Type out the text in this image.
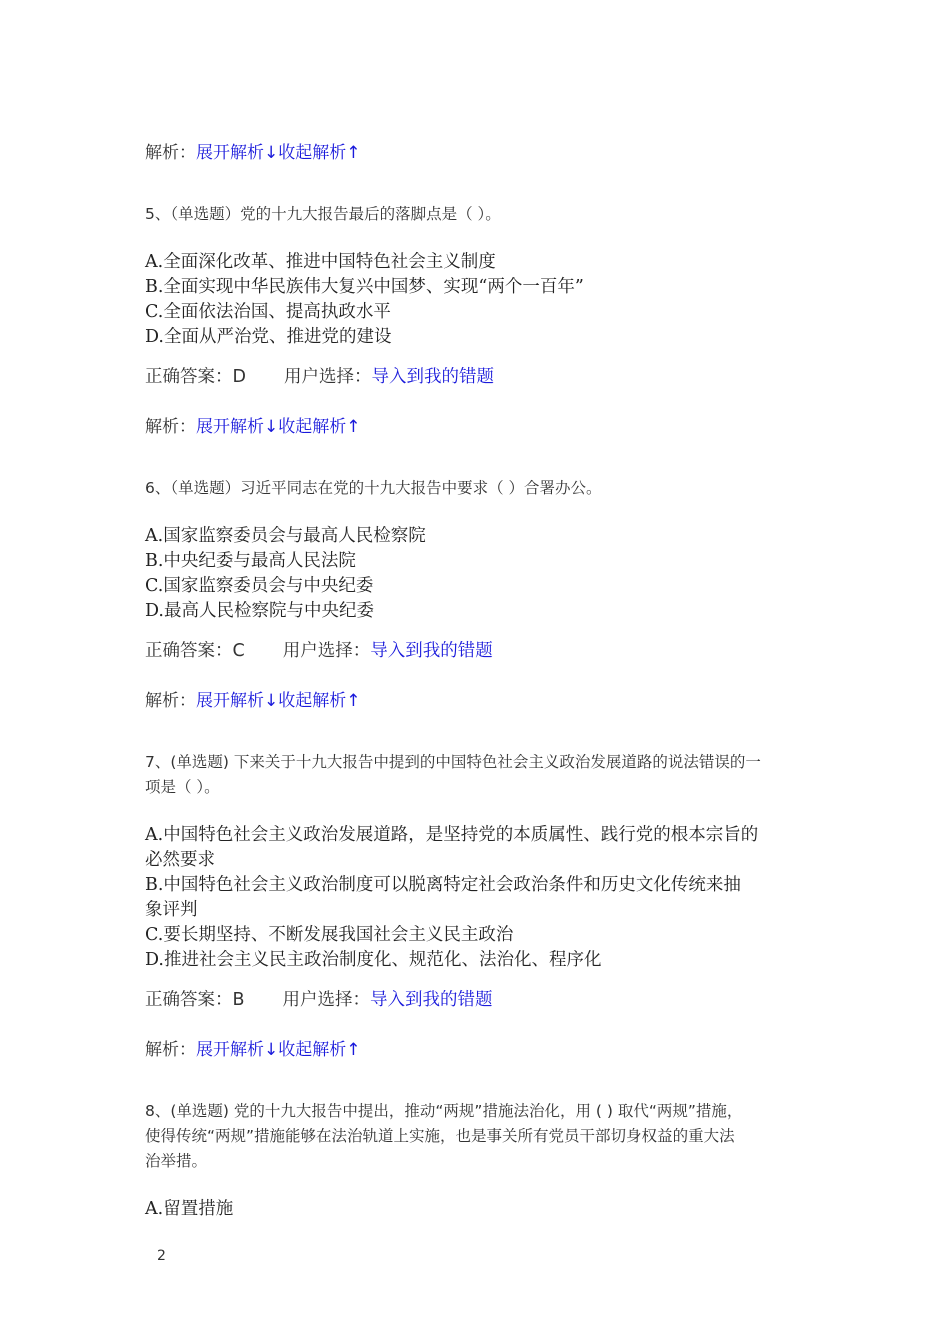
解析：展开解析↓收起解析↑
5、（单选题）党的十九大报告最后的落脚点是（ ）。
A.全面深化改革、推进中国特色社会主义制度
B.全面实现中华民族伟大复兴中国梦、实现“两个一百年”
C.全面依法治国、提高执政水平
D.全面从严治党、推进党的建设
正确答案：D 用户选择：导入到我的错题
解析：展开解析↓收起解析↑
6、（单选题）习近平同志在党的十九大报告中要求（ ）合署办公。
A.国家监察委员会与最高人民检察院
B.中央纪委与最高人民法院
C.国家监察委员会与中央纪委
D.最高人民检察院与中央纪委
正确答案：C 用户选择：导入到我的错题
解析：展开解析↓收起解析↑
7、(单选题) 下来关于十九大报告中提到的中国特色社会主义政治发展道路的说法错误的一
项是（ ）。
A.中国特色社会主义政治发展道路，是坚持党的本质属性、践行党的根本宗旨的
必然要求
B.中国特色社会主义政治制度可以脱离特定社会政治条件和历史文化传统来抽
象评判
C.要长期坚持、不断发展我国社会主义民主政治
D.推进社会主义民主政治制度化、规范化、法治化、程序化
正确答案：B 用户选择：导入到我的错题
解析：展开解析↓收起解析↑
8、(单选题) 党的十九大报告中提出，推动“两规”措施法治化，用 ( ) 取代“两规”措施，
使得传统“两规”措施能够在法治轨道上实施，也是事关所有党员干部切身权益的重大法
治举措。
A.留置措施
2
